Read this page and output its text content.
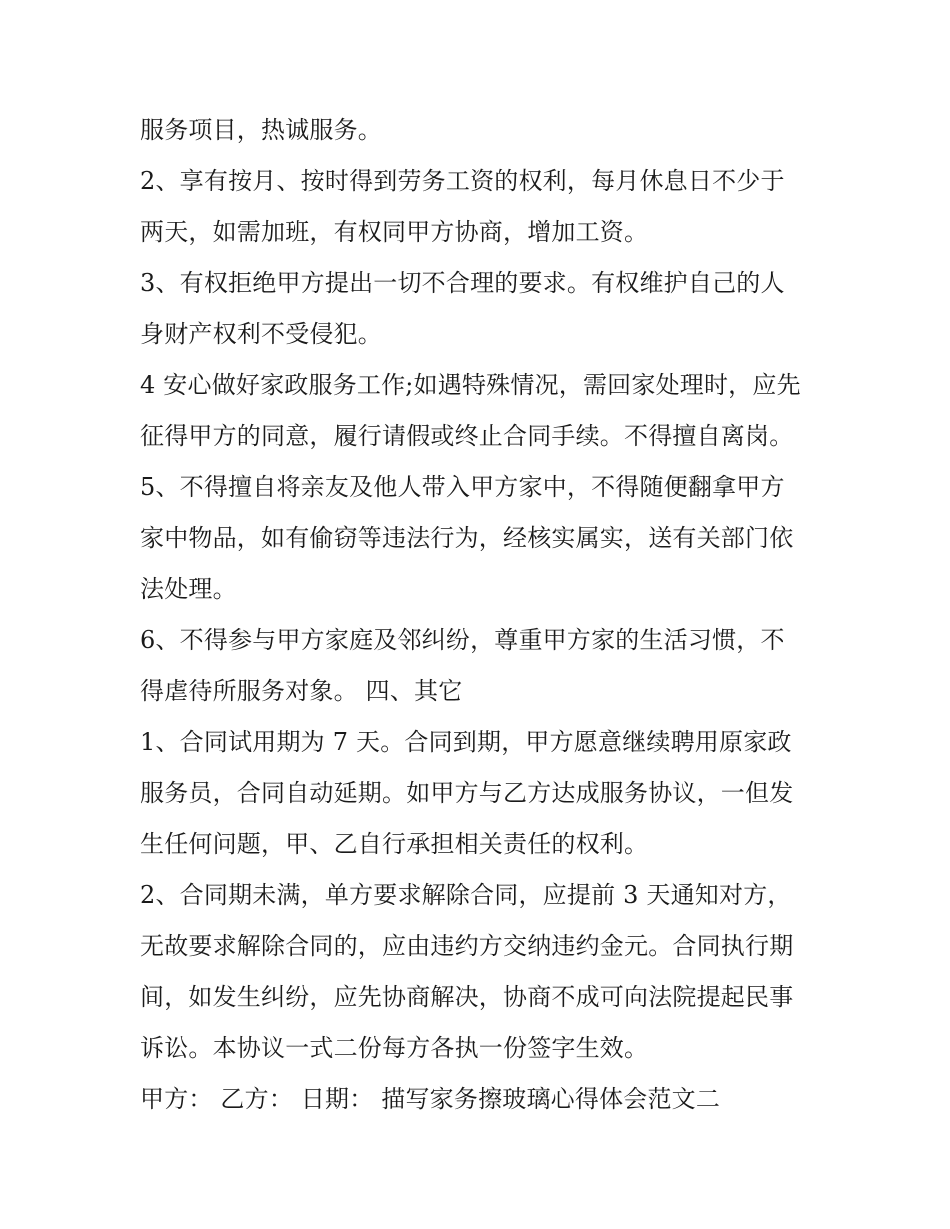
服务项目，热诚服务。
2、享有按月、按时得到劳务工资的权利，每月休息日不少于
两天，如需加班，有权同甲方协商，增加工资。
3、有权拒绝甲方提出一切不合理的要求。有权维护自己的人
身财产权利不受侵犯。
4 安心做好家政服务工作;如遇特殊情况，需回家处理时，应先
征得甲方的同意，履行请假或终止合同手续。不得擅自离岗。
5、不得擅自将亲友及他人带入甲方家中，不得随便翻拿甲方
家中物品，如有偷窃等违法行为，经核实属实，送有关部门依
法处理。
6、不得参与甲方家庭及邻纠纷，尊重甲方家的生活习惯，不
得虐待所服务对象。 四、其它
1、合同试用期为 7 天。合同到期，甲方愿意继续聘用原家政
服务员，合同自动延期。如甲方与乙方达成服务协议，一但发
生任何问题，甲、乙自行承担相关责任的权利。
2、合同期未满，单方要求解除合同，应提前 3 天通知对方，
无故要求解除合同的，应由违约方交纳违约金元。合同执行期
间，如发生纠纷，应先协商解决，协商不成可向法院提起民事
诉讼。本协议一式二份每方各执一份签字生效。
甲方： 乙方： 日期： 描写家务擦玻璃心得体会范文二
